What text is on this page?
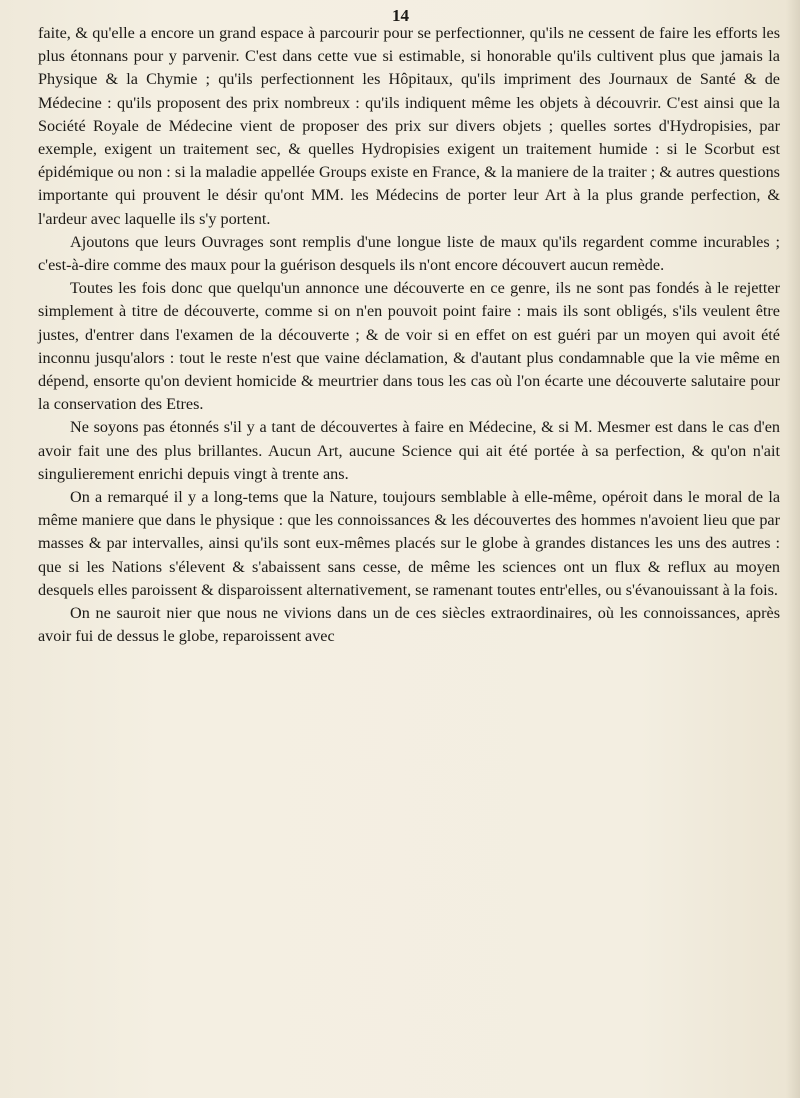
14

faite, & qu'elle a encore un grand espace à parcourir pour se perfectionner, qu'ils ne cessent de faire les efforts les plus étonnans pour y parvenir. C'est dans cette vue si estimable, si honorable qu'ils cultivent plus que jamais la Physique & la Chymie ; qu'ils perfectionnent les Hôpitaux, qu'ils impriment des Journaux de Santé & de Médecine : qu'ils proposent des prix nombreux : qu'ils indiquent même les objets à découvrir. C'est ainsi que la Société Royale de Médecine vient de proposer des prix sur divers objets ; quelles sortes d'Hydropisies, par exemple, exigent un traitement sec, & quelles Hydropisies exigent un traitement humide : si le Scorbut est épidémique ou non : si la maladie appellée Groups existe en France, & la maniere de la traiter ; & autres questions importante qui prouvent le désir qu'ont MM. les Médecins de porter leur Art à la plus grande perfection, & l'ardeur avec laquelle ils s'y portent.

Ajoutons que leurs Ouvrages sont remplis d'une longue liste de maux qu'ils regardent comme incurables ; c'est-à-dire comme des maux pour la guérison desquels ils n'ont encore découvert aucun remède.

Toutes les fois donc que quelqu'un annonce une découverte en ce genre, ils ne sont pas fondés à le rejetter simplement à titre de découverte, comme si on n'en pouvoit point faire : mais ils sont obligés, s'ils veulent être justes, d'entrer dans l'examen de la découverte ; & de voir si en effet on est guéri par un moyen qui avoit été inconnu jusqu'alors : tout le reste n'est que vaine déclamation, & d'autant plus condamnable que la vie même en dépend, ensorte qu'on devient homicide & meurtrier dans tous les cas où l'on écarte une découverte salutaire pour la conservation des Etres.

Ne soyons pas étonnés s'il y a tant de découvertes à faire en Médecine, & si M. Mesmer est dans le cas d'en avoir fait une des plus brillantes. Aucun Art, aucune Science qui ait été portée à sa perfection, & qu'on n'ait singulierement enrichi depuis vingt à trente ans.

On a remarqué il y a long-tems que la Nature, toujours semblable à elle-même, opéroit dans le moral de la même maniere que dans le physique : que les connoissances & les découvertes des hommes n'avoient lieu que par masses & par intervalles, ainsi qu'ils sont eux-mêmes placés sur le globe à grandes distances les uns des autres : que si les Nations s'élevent & s'abaissent sans cesse, de même les sciences ont un flux & reflux au moyen desquels elles paroissent & disparoissent alternativement, se ramenant toutes entr'elles, ou s'évanouissant à la fois.

On ne sauroit nier que nous ne vivions dans un de ces siècles extraordinaires, où les connoissances, après avoir fui de dessus le globe, reparoissent avec
